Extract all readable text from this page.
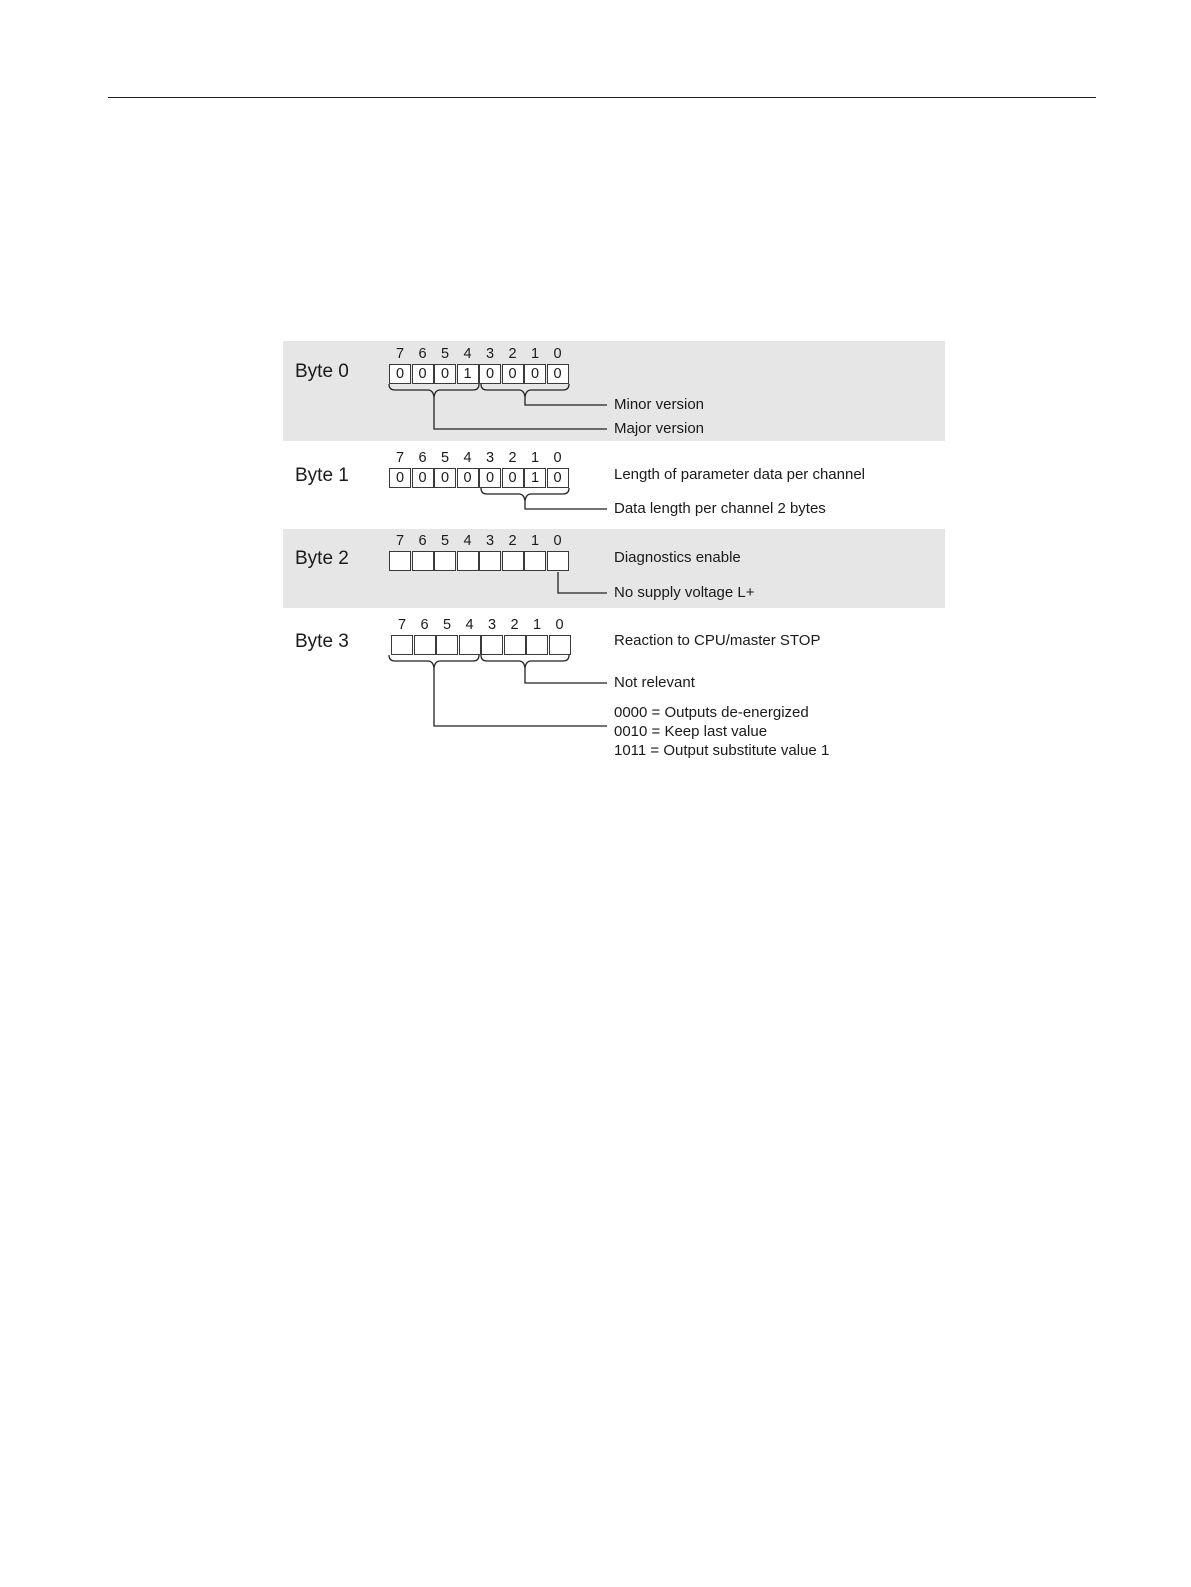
Byte 0
Byte 1
Byte 2
Byte 3
7
0
6
0
5
0
4
1
3
0
2
0
1
0
0
0
7
0
6
0
5
0
4
0
3
0
2
0
1
1
0
0
7 6 5 4 3 2 1 0
7 6 5 4 3 2 1 0
Minor version
Major version
Length of parameter data per channel
Data length per channel 2 bytes
Diagnostics enable
No supply voltage L+
Reaction to CPU/master STOP
Not relevant
0000 = Outputs de-energized
0010 = Keep last value
1011 = Output substitute value 1
